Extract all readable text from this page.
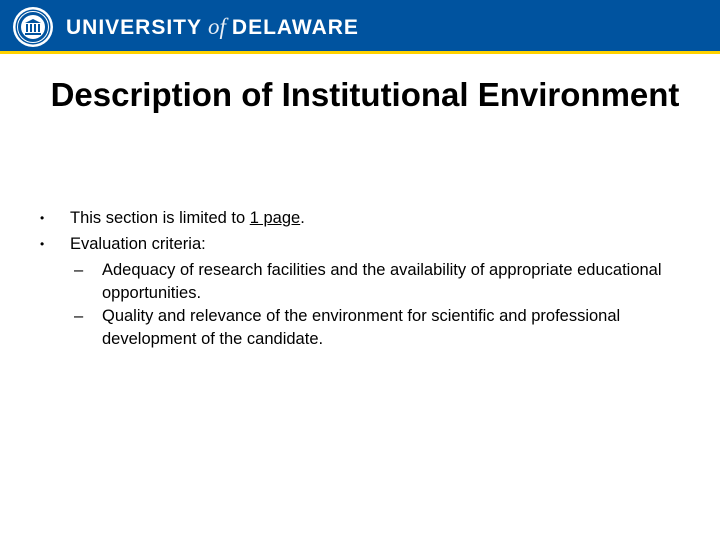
UNIVERSITY of DELAWARE
Description of Institutional Environment
•	This section is limited to 1 page.
•	Evaluation criteria:
– Adequacy of research facilities and the availability of appropriate educational opportunities.
– Quality and relevance of the environment for scientific and professional development of the candidate.
